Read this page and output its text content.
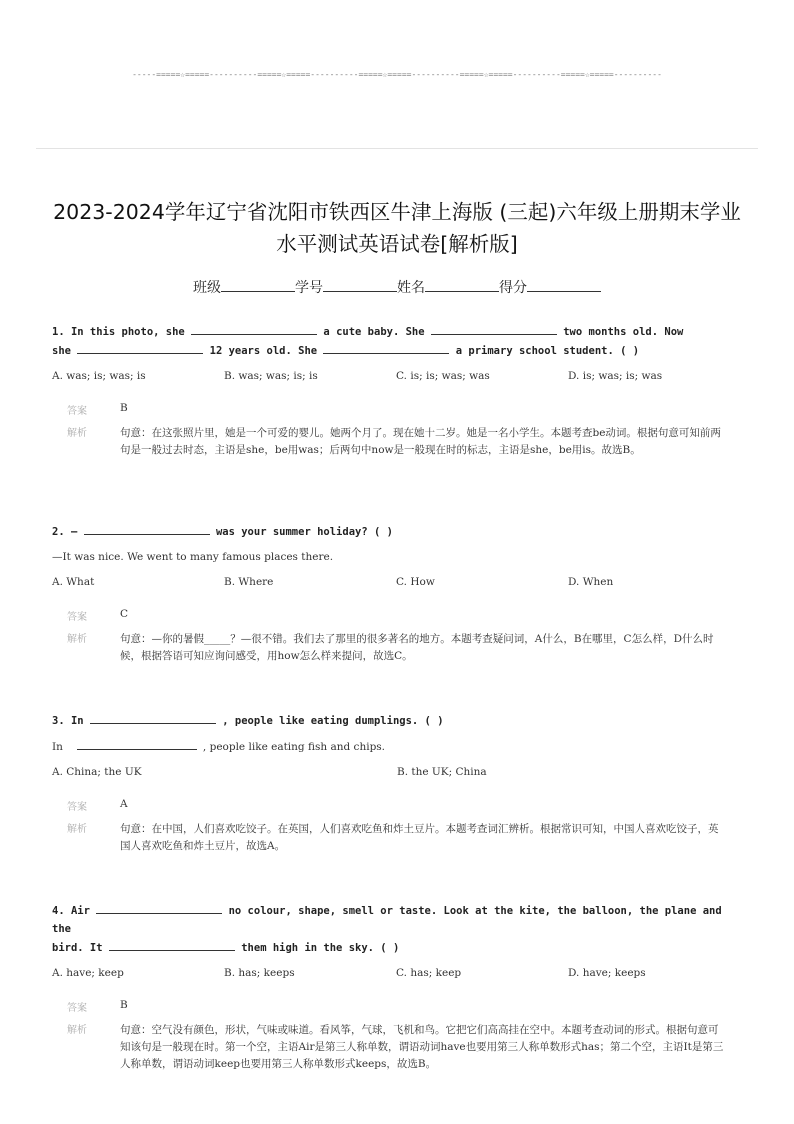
-----=====☆=====----------=====☆=====----------=====☆=====----------=====☆=====----------=====☆=====----------
2023-2024学年辽宁省沈阳市铁西区牛津上海版 (三起)六年级上册期末学业
水平测试英语试卷[解析版]
班级	学号	姓名	得分
1. In this photo, she	a cute baby. She	two months old. Now
she	12 years old. She	a primary school student. ( )
A. was; is; was; is	B. was; was; is; is	C. is; is; was; was	D. is; was; is; was
答案	B
解析	句意：在这张照片里，她是一个可爱的婴儿。她两个月了。现在她十二岁。她是一名小学生。本题考查be动词。根据句意可知前两句是一般过去时态，主语是she，be用was；后两句中now是一般现在时的标志，主语是she，be用is。故选B。
2. —	was your summer holiday? ( )
—It was nice. We went to many famous places there.
A. What	B. Where	C. How	D. When
答案	C
解析	句意：—你的暑假_____？—很不错。我们去了那里的很多著名的地方。本题考查疑问词，A什么，B在哪里，C怎么样，D什么时候，根据答语可知应询问感受，用how怎么样来提问，故选C。
3. In	, people like eating dumplings. ( )
In	, people like eating fish and chips.
A. China; the UK	B. the UK; China
答案	A
解析	句意：在中国，人们喜欢吃饺子。在英国，人们喜欢吃鱼和炸土豆片。本题考查词汇辨析。根据常识可知，中国人喜欢吃饺子，英国人喜欢吃鱼和炸土豆片，故选A。
4. Air	no colour, shape, smell or taste. Look at the kite, the balloon, the plane and the
bird. It	them high in the sky. ( )
A. have; keep	B. has; keeps	C. has; keep	D. have; keeps
答案	B
解析	句意：空气没有颜色，形状，气味或味道。看风筝，气球，飞机和鸟。它把它们高高挂在空中。本题考查动词的形式。根据句意可知该句是一般现在时。第一个空，主语Air是第三人称单数，谓语动词have也要用第三人称单数形式has；第二个空，主语It是第三人称单数，谓语动词keep也要用第三人称单数形式keeps，故选B。
